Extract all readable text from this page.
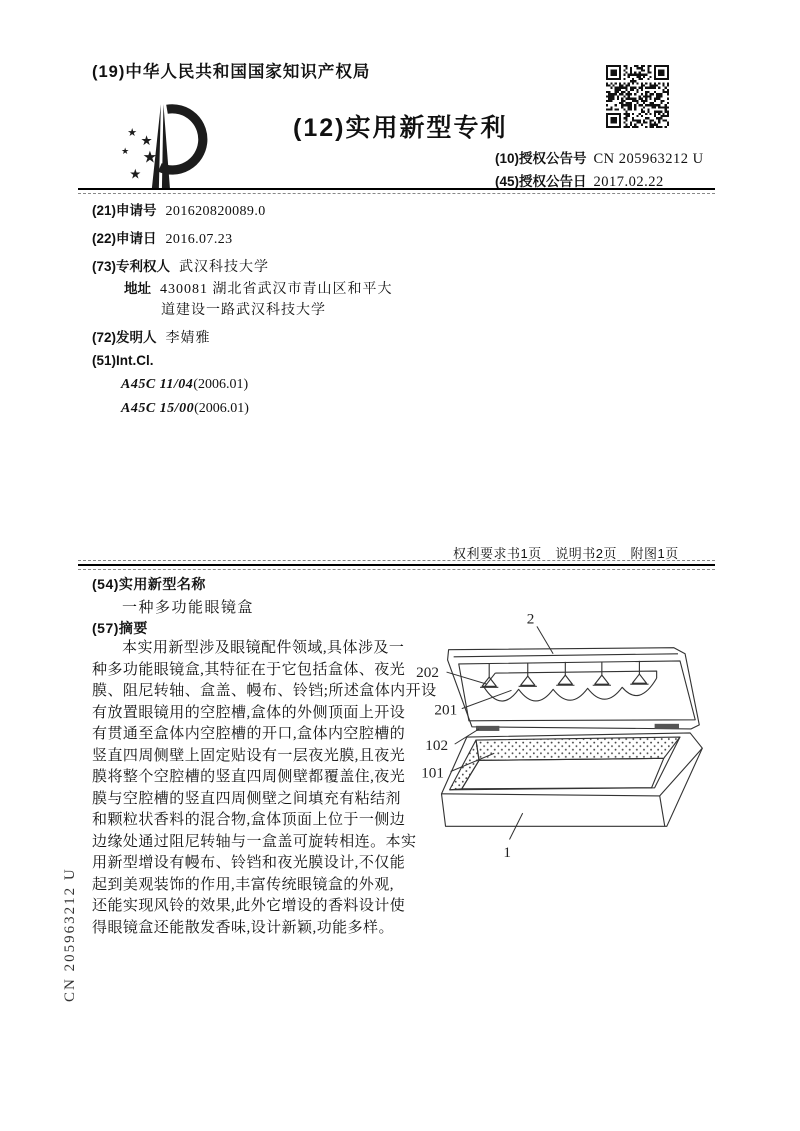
(19)中华人民共和国国家知识产权局
★
★
★ ★
★
(12)实用新型专利
(10)授权公告号 CN 205963212 U
(45)授权公告日 2017.02.22
(21)申请号 201620820089.0
(22)申请日 2016.07.23
(73)专利权人 武汉科技大学
地址 430081 湖北省武汉市青山区和平大
道建设一路武汉科技大学
(72)发明人 李婧雅
(51)Int.Cl.
A45C 11/04(2006.01)
A45C 15/00(2006.01)
权利要求书1页　说明书2页　附图1页
(54)实用新型名称
一种多功能眼镜盒
(57)摘要
本实用新型涉及眼镜配件领域,具体涉及一
种多功能眼镜盒,其特征在于它包括盒体、夜光
膜、阻尼转轴、盒盖、幔布、铃铛;所述盒体内开设
有放置眼镜用的空腔槽,盒体的外侧顶面上开设
有贯通至盒体内空腔槽的开口,盒体内空腔槽的
竖直四周侧壁上固定贴设有一层夜光膜,且夜光
膜将整个空腔槽的竖直四周侧壁都覆盖住,夜光
膜与空腔槽的竖直四周侧壁之间填充有粘结剂
和颗粒状香料的混合物,盒体顶面上位于一侧边
边缘处通过阻尼转轴与一盒盖可旋转相连。本实
用新型增设有幔布、铃铛和夜光膜设计,不仅能
起到美观装饰的作用,丰富传统眼镜盒的外观,
还能实现风铃的效果,此外它增设的香料设计使
得眼镜盒还能散发香味,设计新颖,功能多样。
2
202
201
102
101
1
CN 205963212 U
